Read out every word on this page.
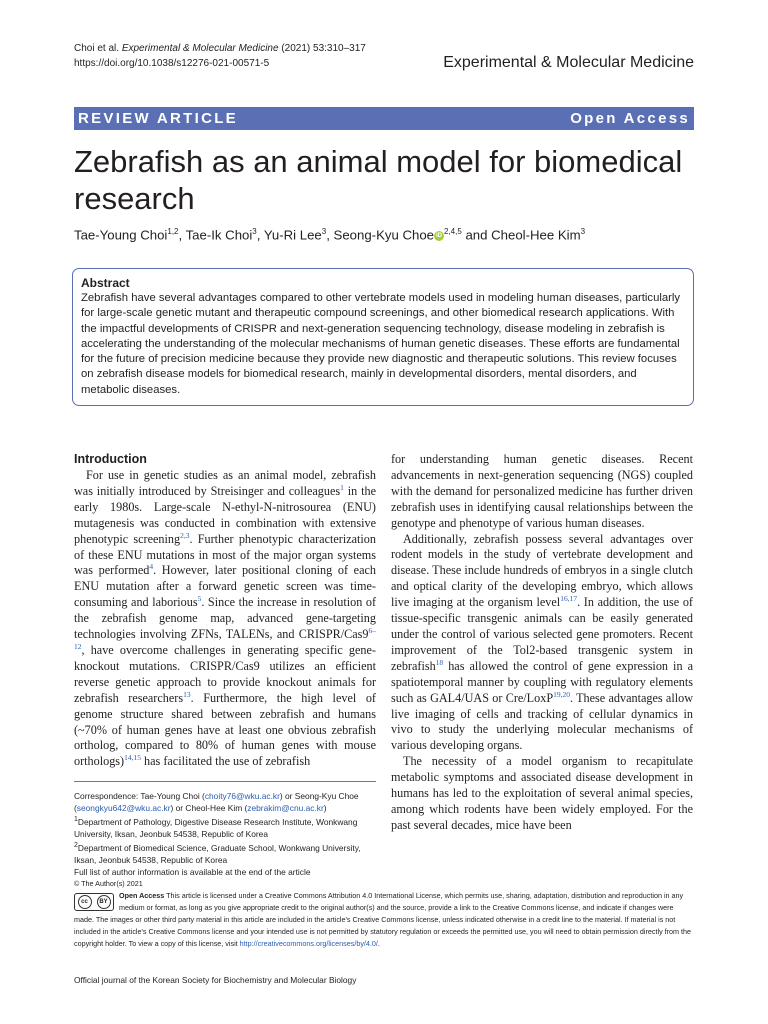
Choi et al. Experimental & Molecular Medicine (2021) 53:310–317
https://doi.org/10.1038/s12276-021-00571-5	Experimental & Molecular Medicine
REVIEW ARTICLE	Open Access
Zebrafish as an animal model for biomedical research
Tae-Young Choi$^{1,2}$, Tae-Ik Choi$^3$, Yu-Ri Lee$^3$, Seong-Kyu Choe iD $^{2,4,5}$ and Cheol-Hee Kim$^3$
Abstract

Zebrafish have several advantages compared to other vertebrate models used in modeling human diseases, particularly for large-scale genetic mutant and therapeutic compound screenings, and other biomedical research applications. With the impactful developments of CRISPR and next-generation sequencing technology, disease modeling in zebrafish is accelerating the understanding of the molecular mechanisms of human genetic diseases. These efforts are fundamental for the future of precision medicine because they provide new diagnostic and therapeutic solutions. This review focuses on zebrafish disease models for biomedical research, mainly in developmental disorders, mental disorders, and metabolic diseases.

Introduction

For use in genetic studies as an animal model, zebrafish was initially introduced by Streisinger and colleagues$^1$ in the early 1980s. Large-scale N-ethyl-N-nitrosourea (ENU) mutagenesis was conducted in combination with extensive phenotypic screening$^{2,3}$. Further phenotypic characterization of these ENU mutations in most of the major organ systems was performed$^4$. However, later positional cloning of each ENU mutation after a forward genetic screen was time-consuming and laborious$^5$. Since the increase in resolution of the zebrafish genome map, advanced gene-targeting technologies involving ZFNs, TALENs, and CRISPR/Cas9$^{6-12}$, have overcome challenges in generating specific gene-knockout mutations. CRISPR/Cas9 utilizes an efficient reverse genetic approach to provide knockout animals for zebrafish researchers$^{13}$. Furthermore, the high level of genome structure shared between zebrafish and humans (~70% of human genes have at least one obvious zebrafish ortholog, compared to 80% of human genes with mouse orthologs)$^{14,15}$ has facilitated the use of zebrafish

for understanding human genetic diseases. Recent advancements in next-generation sequencing (NGS) coupled with the demand for personalized medicine has further driven zebrafish uses in identifying causal relationships between the genotype and phenotype of various human diseases.

Additionally, zebrafish possess several advantages over rodent models in the study of vertebrate development and disease. These include hundreds of embryos in a single clutch and optical clarity of the developing embryo, which allows live imaging at the organism level$^{16,17}$. In addition, the use of tissue-specific transgenic animals can be easily generated under the control of various selected gene promoters. Recent improvement of the Tol2-based transgenic system in zebrafish$^{18}$ has allowed the control of gene expression in a spatiotemporal manner by coupling with regulatory elements such as GAL4/UAS or Cre/LoxP$^{19,20}$. These advantages allow live imaging of cells and tracking of cellular dynamics in vivo to study the underlying molecular mechanisms of various developing organs.

The necessity of a model organism to recapitulate metabolic symptoms and associated disease development in humans has led to the exploitation of several animal species, among which rodents have been widely employed. For the past several decades, mice have been

Correspondence: Tae-Young Choi (choity76@wku.ac.kr) or Seong-Kyu Choe (seongkyu642@wku.ac.kr) or Cheol-Hee Kim (zebrakim@cnu.ac.kr)

$^1$Department of Pathology, Digestive Disease Research Institute, Wonkwang University, Iksan, Jeonbuk 54538, Republic of Korea

$^2$Department of Biomedical Science, Graduate School, Wonkwang University, Iksan, Jeonbuk 54538, Republic of Korea

Full list of author information is available at the end of the article

© The Author(s) 2021

cc	BY

Open Access This article is licensed under a Creative Commons Attribution 4.0 International License, which permits use, sharing, adaptation, distribution and reproduction in any medium or format, as long as you give appropriate credit to the original author(s) and the source, provide a link to the Creative Commons license, and indicate if changes were made. The images or other third party material in this article are included in the article's Creative Commons license, unless indicated otherwise in a credit line to the material. If material is not included in the article's Creative Commons license and your intended use is not permitted by statutory regulation or exceeds the permitted use, you will need to obtain permission directly from the copyright holder. To view a copy of this license, visit http://creativecommons.org/licenses/by/4.0/.

Official journal of the Korean Society for Biochemistry and Molecular Biology
